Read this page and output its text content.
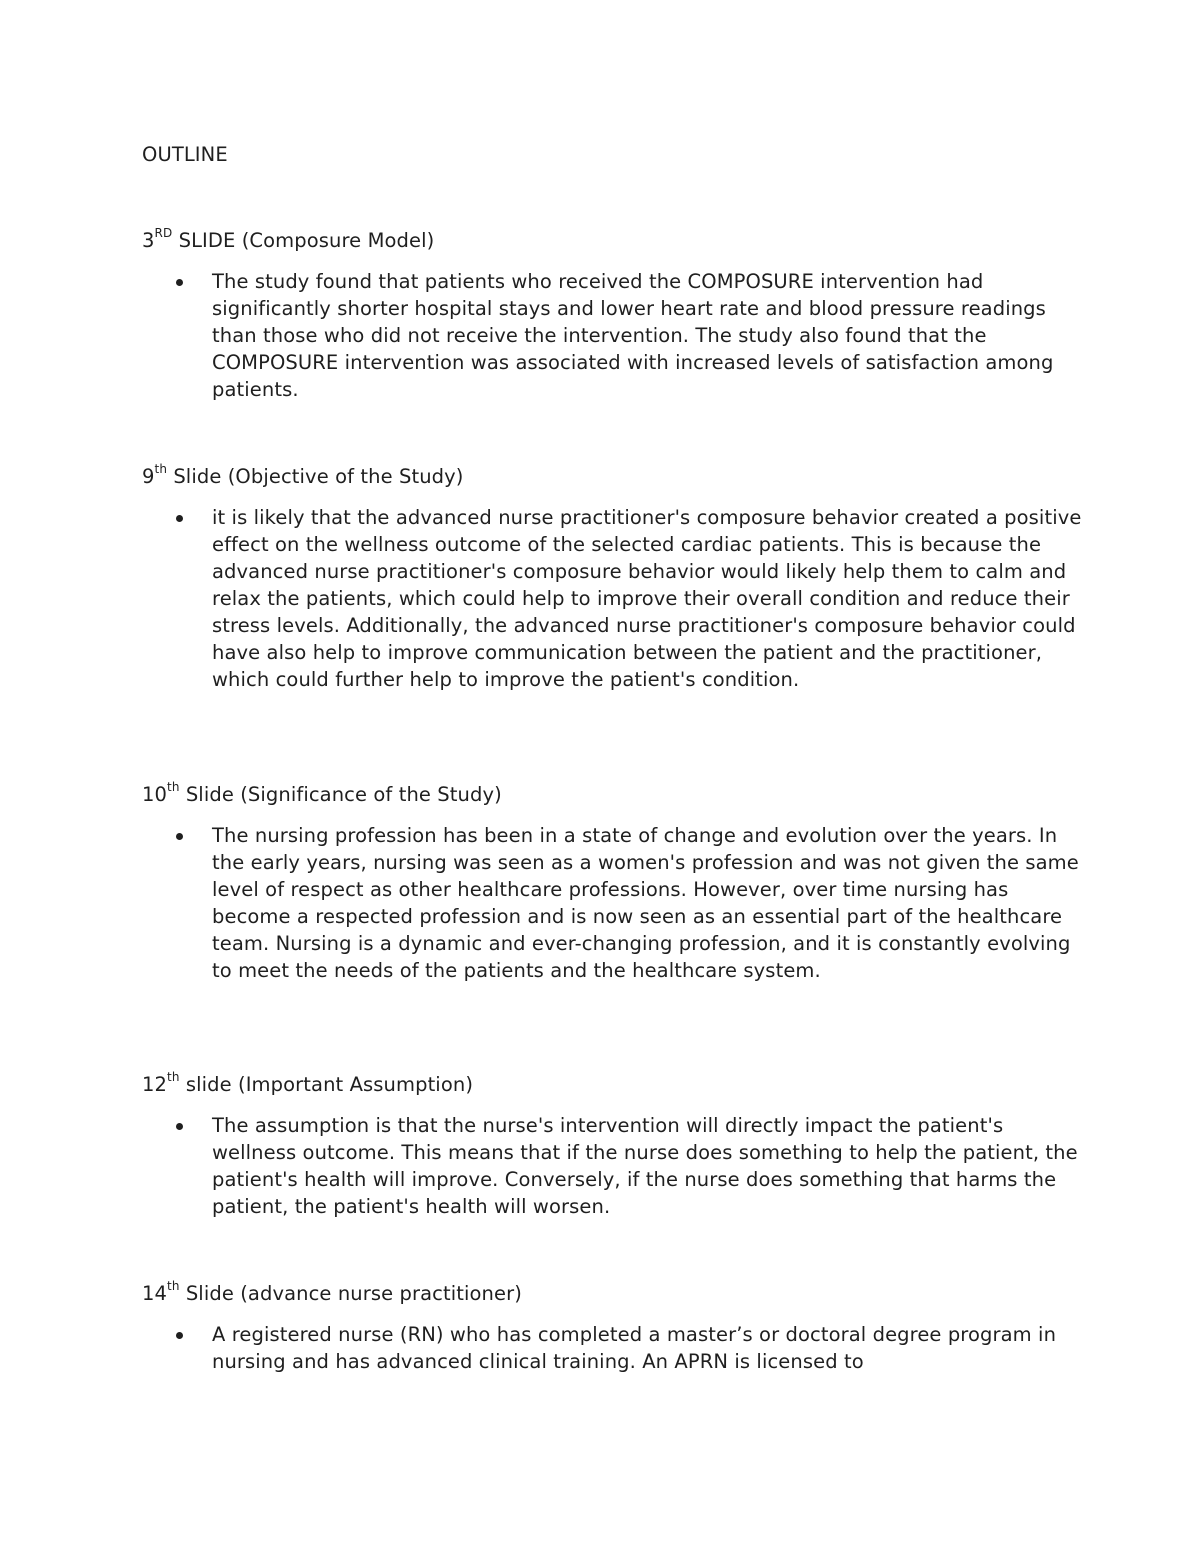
OUTLINE
3RD SLIDE (Composure Model)
The study found that patients who received the COMPOSURE intervention had significantly shorter hospital stays and lower heart rate and blood pressure readings than those who did not receive the intervention. The study also found that the COMPOSURE intervention was associated with increased levels of satisfaction among patients.
9th Slide (Objective of the Study)
it is likely that the advanced nurse practitioner's composure behavior created a positive effect on the wellness outcome of the selected cardiac patients. This is because the advanced nurse practitioner's composure behavior would likely help them to calm and relax the patients, which could help to improve their overall condition and reduce their stress levels. Additionally, the advanced nurse practitioner's composure behavior could have also help to improve communication between the patient and the practitioner, which could further help to improve the patient's condition.
10th Slide (Significance of the Study)
The nursing profession has been in a state of change and evolution over the years. In the early years, nursing was seen as a women's profession and was not given the same level of respect as other healthcare professions. However, over time nursing has become a respected profession and is now seen as an essential part of the healthcare team. Nursing is a dynamic and ever-changing profession, and it is constantly evolving to meet the needs of the patients and the healthcare system.
12th slide (Important Assumption)
The assumption is that the nurse's intervention will directly impact the patient's wellness outcome. This means that if the nurse does something to help the patient, the patient's health will improve. Conversely, if the nurse does something that harms the patient, the patient's health will worsen.
14th Slide (advance nurse practitioner)
A registered nurse (RN) who has completed a master’s or doctoral degree program in nursing and has advanced clinical training. An APRN is licensed to
